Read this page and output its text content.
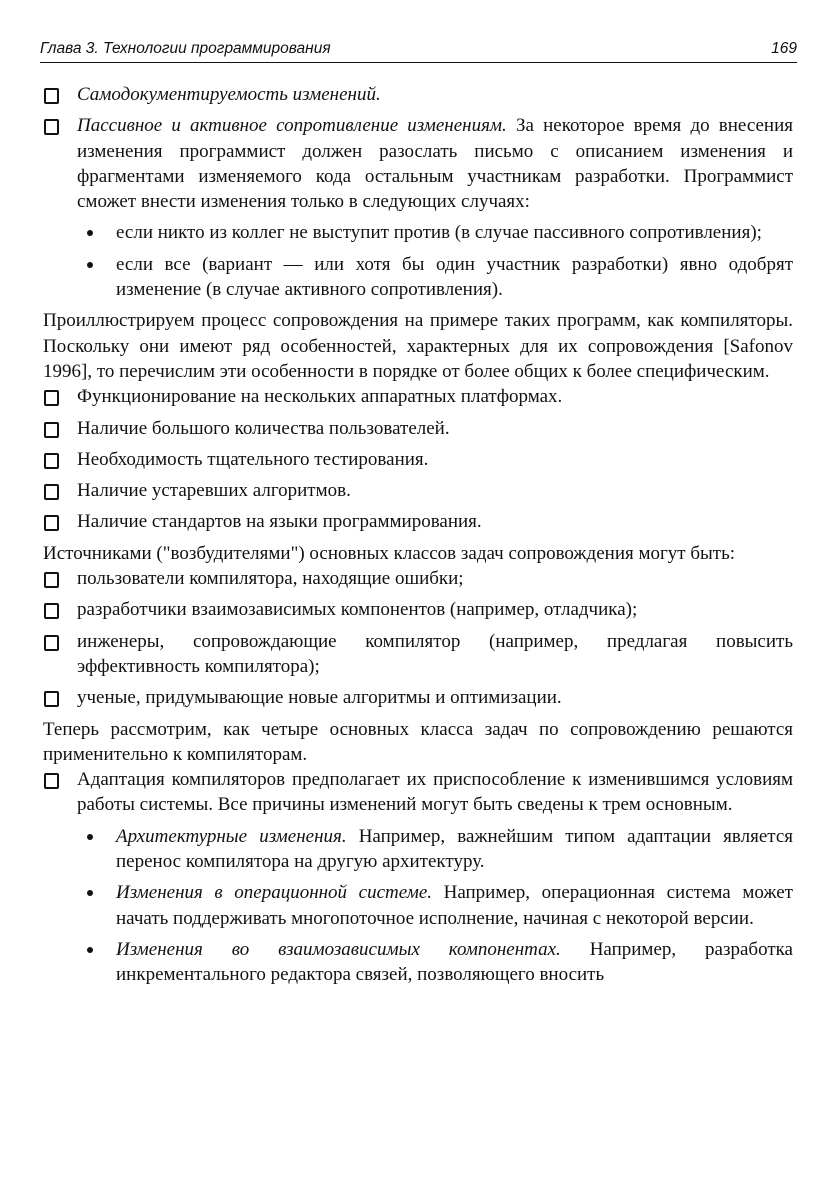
Глава 3. Технологии программирования	169
Самодокументируемость изменений.
Пассивное и активное сопротивление изменениям. За некоторое время до внесения изменения программист должен разослать письмо с описанием изменения и фрагментами изменяемого кода остальным участникам разработки. Программист сможет внести изменения только в следующих случаях:
если никто из коллег не выступит против (в случае пассивного сопротивления);
если все (вариант — или хотя бы один участник разработки) явно одобрят изменение (в случае активного сопротивления).

Проиллюстрируем процесс сопровождения на примере таких программ, как компиляторы. Поскольку они имеют ряд особенностей, характерных для их сопровождения [Safonov 1996], то перечислим эти особенности в порядке от более общих к более специфическим.

Функционирование на нескольких аппаратных платформах.
Наличие большого количества пользователей.
Необходимость тщательного тестирования.
Наличие устаревших алгоритмов.
Наличие стандартов на языки программирования.

Источниками ("возбудителями") основных классов задач сопровождения могут быть:

пользователи компилятора, находящие ошибки;
разработчики взаимозависимых компонентов (например, отладчика);
инженеры, сопровождающие компилятор (например, предлагая повысить эффективность компилятора);
ученые, придумывающие новые алгоритмы и оптимизации.

Теперь рассмотрим, как четыре основных класса задач по сопровождению решаются применительно к компиляторам.

Адаптация компиляторов предполагает их приспособление к изменившимся условиям работы системы. Все причины изменений могут быть сведены к трем основным.
Архитектурные изменения. Например, важнейшим типом адаптации является перенос компилятора на другую архитектуру.
Изменения в операционной системе. Например, операционная система может начать поддерживать многопоточное исполнение, начиная с некоторой версии.
Изменения во взаимозависимых компонентах. Например, разработка инкрементального редактора связей, позволяющего вносить
